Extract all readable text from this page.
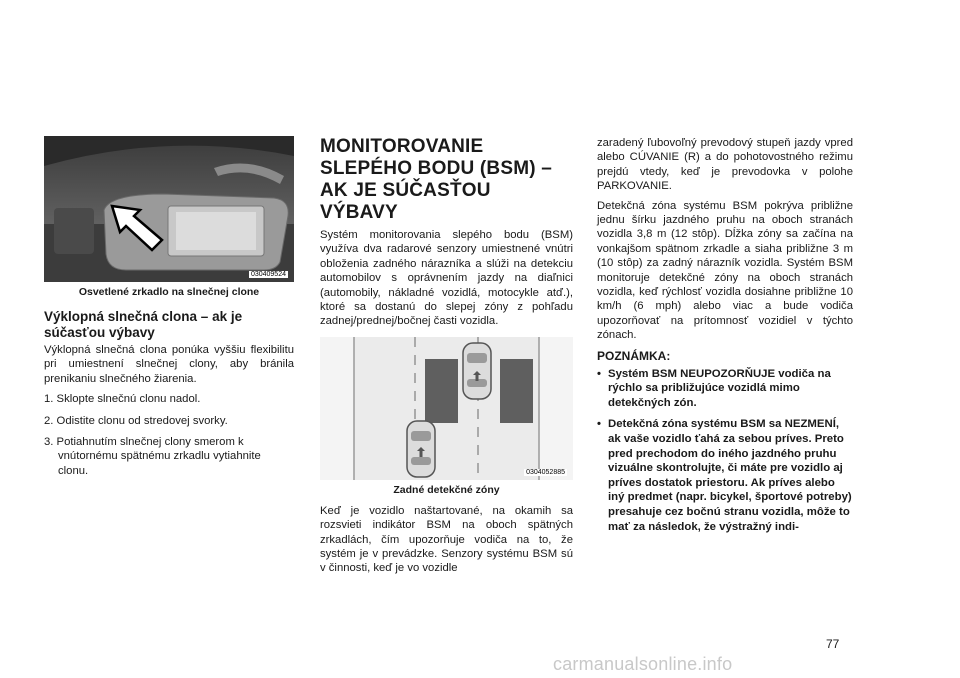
030409524
Osvetlené zrkadlo na slnečnej clone
Výklopná slnečná clona – ak je súčasťou výbavy

Výklopná slnečná clona ponúka vyššiu flexibilitu pri umiestnení slnečnej clony, aby bránila prenikaniu slnečného žiarenia.

1. Sklopte slnečnú clonu nadol.
2. Odistite clonu od stredovej svorky.
3. Potiahnutím slnečnej clony smerom k vnútornému spätnému zrkadlu vytiahnite clonu.
MONITOROVANIE SLEPÉHO BODU (BSM) – AK JE SÚČASŤOU VÝBAVY

Systém monitorovania slepého bodu (BSM) využíva dva radarové senzory umiestnené vnútri obloženia zadného nárazníka a slúži na detekciu automobilov s oprávnením jazdy na diaľnici (automobily, nákladné vozidlá, motocykle atď.), ktoré sa dostanú do slepej zóny z pohľadu zadnej/prednej/bočnej časti vozidla.

0304052885
Zadné detekčné zóny

Keď je vozidlo naštartované, na okamih sa rozsvieti indikátor BSM na oboch spätných zrkadlách, čím upozorňuje vodiča na to, že systém je v prevádzke. Senzory systému BSM sú v činnosti, keď je vo vozidle

zaradený ľubovoľný prevodový stupeň jazdy vpred alebo CÚVANIE (R) a do pohotovostného režimu prejdú vtedy, keď je prevodovka v polohe PARKOVANIE.

Detekčná zóna systému BSM pokrýva približne jednu šírku jazdného pruhu na oboch stranách vozidla 3,8 m (12 stôp). Dĺžka zóny sa začína na vonkajšom spätnom zrkadle a siaha približne 3 m (10 stôp) za zadný nárazník vozidla. Systém BSM monitoruje detekčné zóny na oboch stranách vozidla, keď rýchlosť vozidla dosiahne približne 10 km/h (6 mph) alebo viac a bude vodiča upozorňovať na prítomnosť vozidiel v týchto zónach.

POZNÁMKA:
• Systém BSM NEUPOZORŇUJE vodiča na rýchlo sa približujúce vozidlá mimo detekčných zón.
• Detekčná zóna systému BSM sa NEZMENÍ, ak vaše vozidlo ťahá za sebou príves. Preto pred prechodom do iného jazdného pruhu vizuálne skontrolujte, či máte pre vozidlo aj príves dostatok priestoru. Ak príves alebo iný predmet (napr. bicykel, športové potreby) presahuje cez bočnú stranu vozidla, môže to mať za následok, že výstražný indi-
77
carmanualsonline.info
